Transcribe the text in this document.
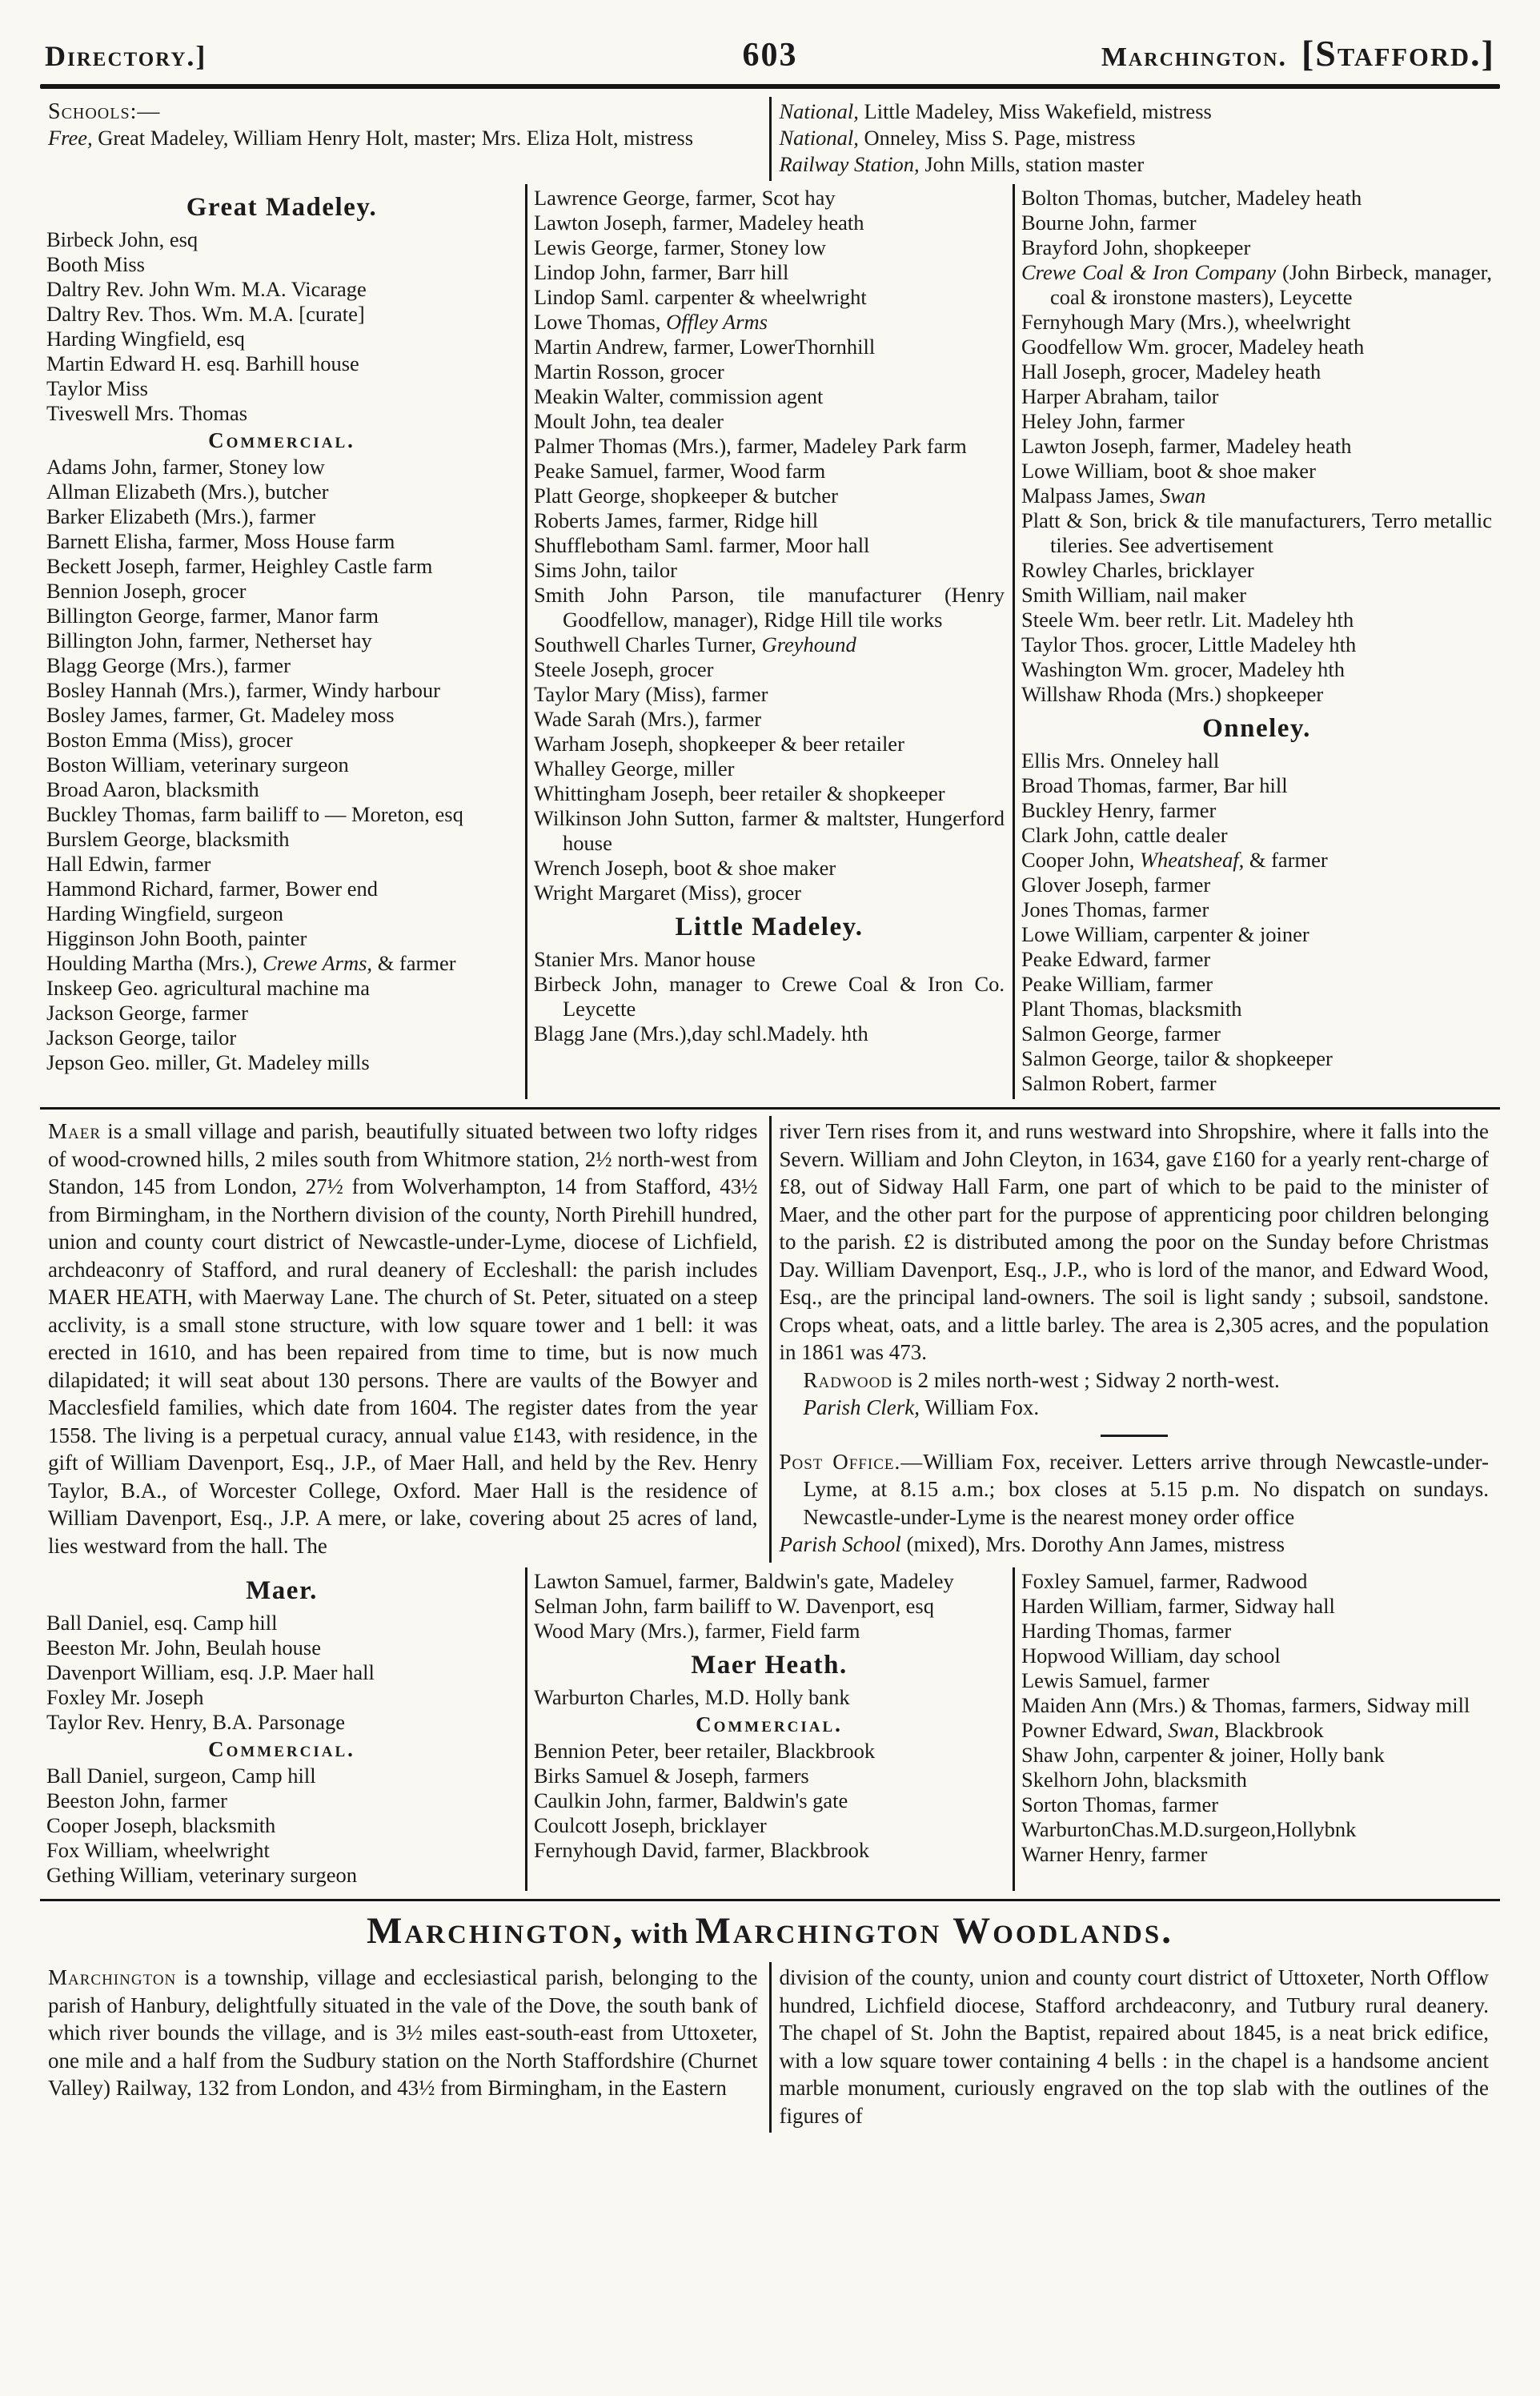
Directory.]	603	Marchington. [Stafford.]
Schools:—
Free, Great Madeley, William Henry Holt, master; Mrs. Eliza Holt, mistress
National, Little Madeley, Miss Wakefield, mistress
National, Onneley, Miss S. Page, mistress
Railway Station, John Mills, station master
Great Madeley.
Birbeck John, esq
Booth Miss
Daltry Rev. John Wm. M.A. Vicarage
Daltry Rev. Thos. Wm. M.A. [curate]
Harding Wingfield, esq
Martin Edward H. esq. Barhill house
Taylor Miss
Tiveswell Mrs. Thomas
Commercial.
Adams John, farmer, Stoney low
Allman Elizabeth (Mrs.), butcher
Barker Elizabeth (Mrs.), farmer
Barnett Elisha, farmer, Moss House farm
Beckett Joseph, farmer, Heighley Castle farm
Bennion Joseph, grocer
Billington George, farmer, Manor farm
Billington John, farmer, Netherset hay
Blagg George (Mrs.), farmer
Bosley Hannah (Mrs.), farmer, Windy harbour
Bosley James, farmer, Gt. Madeley moss
Boston Emma (Miss), grocer
Boston William, veterinary surgeon
Broad Aaron, blacksmith
Buckley Thomas, farm bailiff to — Moreton, esq
Burslem George, blacksmith
Hall Edwin, farmer
Hammond Richard, farmer, Bower end
Harding Wingfield, surgeon
Higginson John Booth, painter
Houlding Martha (Mrs.), Crewe Arms, & farmer
Inskeep Geo. agricultural machine ma
Jackson George, farmer
Jackson George, tailor
Jepson Geo. miller, Gt. Madeley mills
Lawrence George, farmer, Scot hay
Lawton Joseph, farmer, Madeley heath
Lewis George, farmer, Stoney low
Lindop John, farmer, Barr hill
Lindop Saml. carpenter & wheelwright
Lowe Thomas, Offley Arms
Martin Andrew, farmer, LowerThornhill
Martin Rosson, grocer
Meakin Walter, commission agent
Moult John, tea dealer
Palmer Thomas (Mrs.), farmer, Madeley Park farm
Peake Samuel, farmer, Wood farm
Platt George, shopkeeper & butcher
Roberts James, farmer, Ridge hill
Shufflebotham Saml. farmer, Moor hall
Sims John, tailor
Smith John Parson, tile manufacturer (Henry Goodfellow, manager), Ridge Hill tile works
Southwell Charles Turner, Greyhound
Steele Joseph, grocer
Taylor Mary (Miss), farmer
Wade Sarah (Mrs.), farmer
Warham Joseph, shopkeeper & beer retailer
Whalley George, miller
Whittingham Joseph, beer retailer & shopkeeper
Wilkinson John Sutton, farmer & maltster, Hungerford house
Wrench Joseph, boot & shoe maker
Wright Margaret (Miss), grocer
Little Madeley.
Stanier Mrs. Manor house
Birbeck John, manager to Crewe Coal & Iron Co. Leycette
Blagg Jane (Mrs.),day schl.Madely. hth
Bolton Thomas, butcher, Madeley heath
Bourne John, farmer
Brayford John, shopkeeper
Crewe Coal & Iron Company (John Birbeck, manager, coal & ironstone masters), Leycette
Fernyhough Mary (Mrs.), wheelwright
Goodfellow Wm. grocer, Madeley heath
Hall Joseph, grocer, Madeley heath
Harper Abraham, tailor
Heley John, farmer
Lawton Joseph, farmer, Madeley heath
Lowe William, boot & shoe maker
Malpass James, Swan
Platt & Son, brick & tile manufacturers, Terro metallic tileries. See advertisement
Rowley Charles, bricklayer
Smith William, nail maker
Steele Wm. beer retlr. Lit. Madeley hth
Taylor Thos. grocer, Little Madeley hth
Washington Wm. grocer, Madeley hth
Willshaw Rhoda (Mrs.) shopkeeper
Onneley.
Ellis Mrs. Onneley hall
Broad Thomas, farmer, Bar hill
Buckley Henry, farmer
Clark John, cattle dealer
Cooper John, Wheatsheaf, & farmer
Glover Joseph, farmer
Jones Thomas, farmer
Lowe William, carpenter & joiner
Peake Edward, farmer
Peake William, farmer
Plant Thomas, blacksmith
Salmon George, farmer
Salmon George, tailor & shopkeeper
Salmon Robert, farmer

Maer is a small village and parish, beautifully situated between two lofty ridges of wood-crowned hills, 2 miles south from Whitmore station, 2½ north-west from Standon, 145 from London, 27½ from Wolverhampton, 14 from Stafford, 43½ from Birmingham, in the Northern division of the county, North Pirehill hundred, union and county court district of Newcastle-under-Lyme, diocese of Lichfield, archdeaconry of Stafford, and rural deanery of Eccleshall: the parish includes MAER HEATH, with Maerway Lane. The church of St. Peter, situated on a steep acclivity, is a small stone structure, with low square tower and 1 bell: it was erected in 1610, and has been repaired from time to time, but is now much dilapidated; it will seat about 130 persons. There are vaults of the Bowyer and Macclesfield families, which date from 1604. The register dates from the year 1558. The living is a perpetual curacy, annual value £143, with residence, in the gift of William Davenport, Esq., J.P., of Maer Hall, and held by the Rev. Henry Taylor, B.A., of Worcester College, Oxford. Maer Hall is the residence of William Davenport, Esq., J.P. A mere, or lake, covering about 25 acres of land, lies westward from the hall. The

river Tern rises from it, and runs westward into Shropshire, where it falls into the Severn. William and John Cleyton, in 1634, gave £160 for a yearly rent-charge of £8, out of Sidway Hall Farm, one part of which to be paid to the minister of Maer, and the other part for the purpose of apprenticing poor children belonging to the parish. £2 is distributed among the poor on the Sunday before Christmas Day. William Davenport, Esq., J.P., who is lord of the manor, and Edward Wood, Esq., are the principal land-owners. The soil is light sandy ; subsoil, sandstone. Crops wheat, oats, and a little barley. The area is 2,305 acres, and the population in 1861 was 473.

Radwood is 2 miles north-west ; Sidway 2 north-west.

Parish Clerk, William Fox.

Post Office.—William Fox, receiver. Letters arrive through Newcastle-under-Lyme, at 8.15 a.m.; box closes at 5.15 p.m. No dispatch on sundays. Newcastle-under-Lyme is the nearest money order office

Parish School (mixed), Mrs. Dorothy Ann James, mistress

Maer.
Ball Daniel, esq. Camp hill
Beeston Mr. John, Beulah house
Davenport William, esq. J.P. Maer hall
Foxley Mr. Joseph
Taylor Rev. Henry, B.A. Parsonage
Commercial.
Ball Daniel, surgeon, Camp hill
Beeston John, farmer
Cooper Joseph, blacksmith
Fox William, wheelwright
Gething William, veterinary surgeon
Lawton Samuel, farmer, Baldwin's gate, Madeley
Selman John, farm bailiff to W. Davenport, esq
Wood Mary (Mrs.), farmer, Field farm
Maer Heath.
Warburton Charles, M.D. Holly bank
Commercial.
Bennion Peter, beer retailer, Blackbrook
Birks Samuel & Joseph, farmers
Caulkin John, farmer, Baldwin's gate
Coulcott Joseph, bricklayer
Fernyhough David, farmer, Blackbrook
Foxley Samuel, farmer, Radwood
Harden William, farmer, Sidway hall
Harding Thomas, farmer
Hopwood William, day school
Lewis Samuel, farmer
Maiden Ann (Mrs.) & Thomas, farmers, Sidway mill
Powner Edward, Swan, Blackbrook
Shaw John, carpenter & joiner, Holly bank
Skelhorn John, blacksmith
Sorton Thomas, farmer
WarburtonChas.M.D.surgeon,Hollybnk
Warner Henry, farmer
Marchington, with Marchington Woodlands.

Marchington is a township, village and ecclesiastical parish, belonging to the parish of Hanbury, delightfully situated in the vale of the Dove, the south bank of which river bounds the village, and is 3½ miles east-south-east from Uttoxeter, one mile and a half from the Sudbury station on the North Staffordshire (Churnet Valley) Railway, 132 from London, and 43½ from Birmingham, in the Eastern

division of the county, union and county court district of Uttoxeter, North Offlow hundred, Lichfield diocese, Stafford archdeaconry, and Tutbury rural deanery. The chapel of St. John the Baptist, repaired about 1845, is a neat brick edifice, with a low square tower containing 4 bells : in the chapel is a handsome ancient marble monument, curiously engraved on the top slab with the outlines of the figures of
